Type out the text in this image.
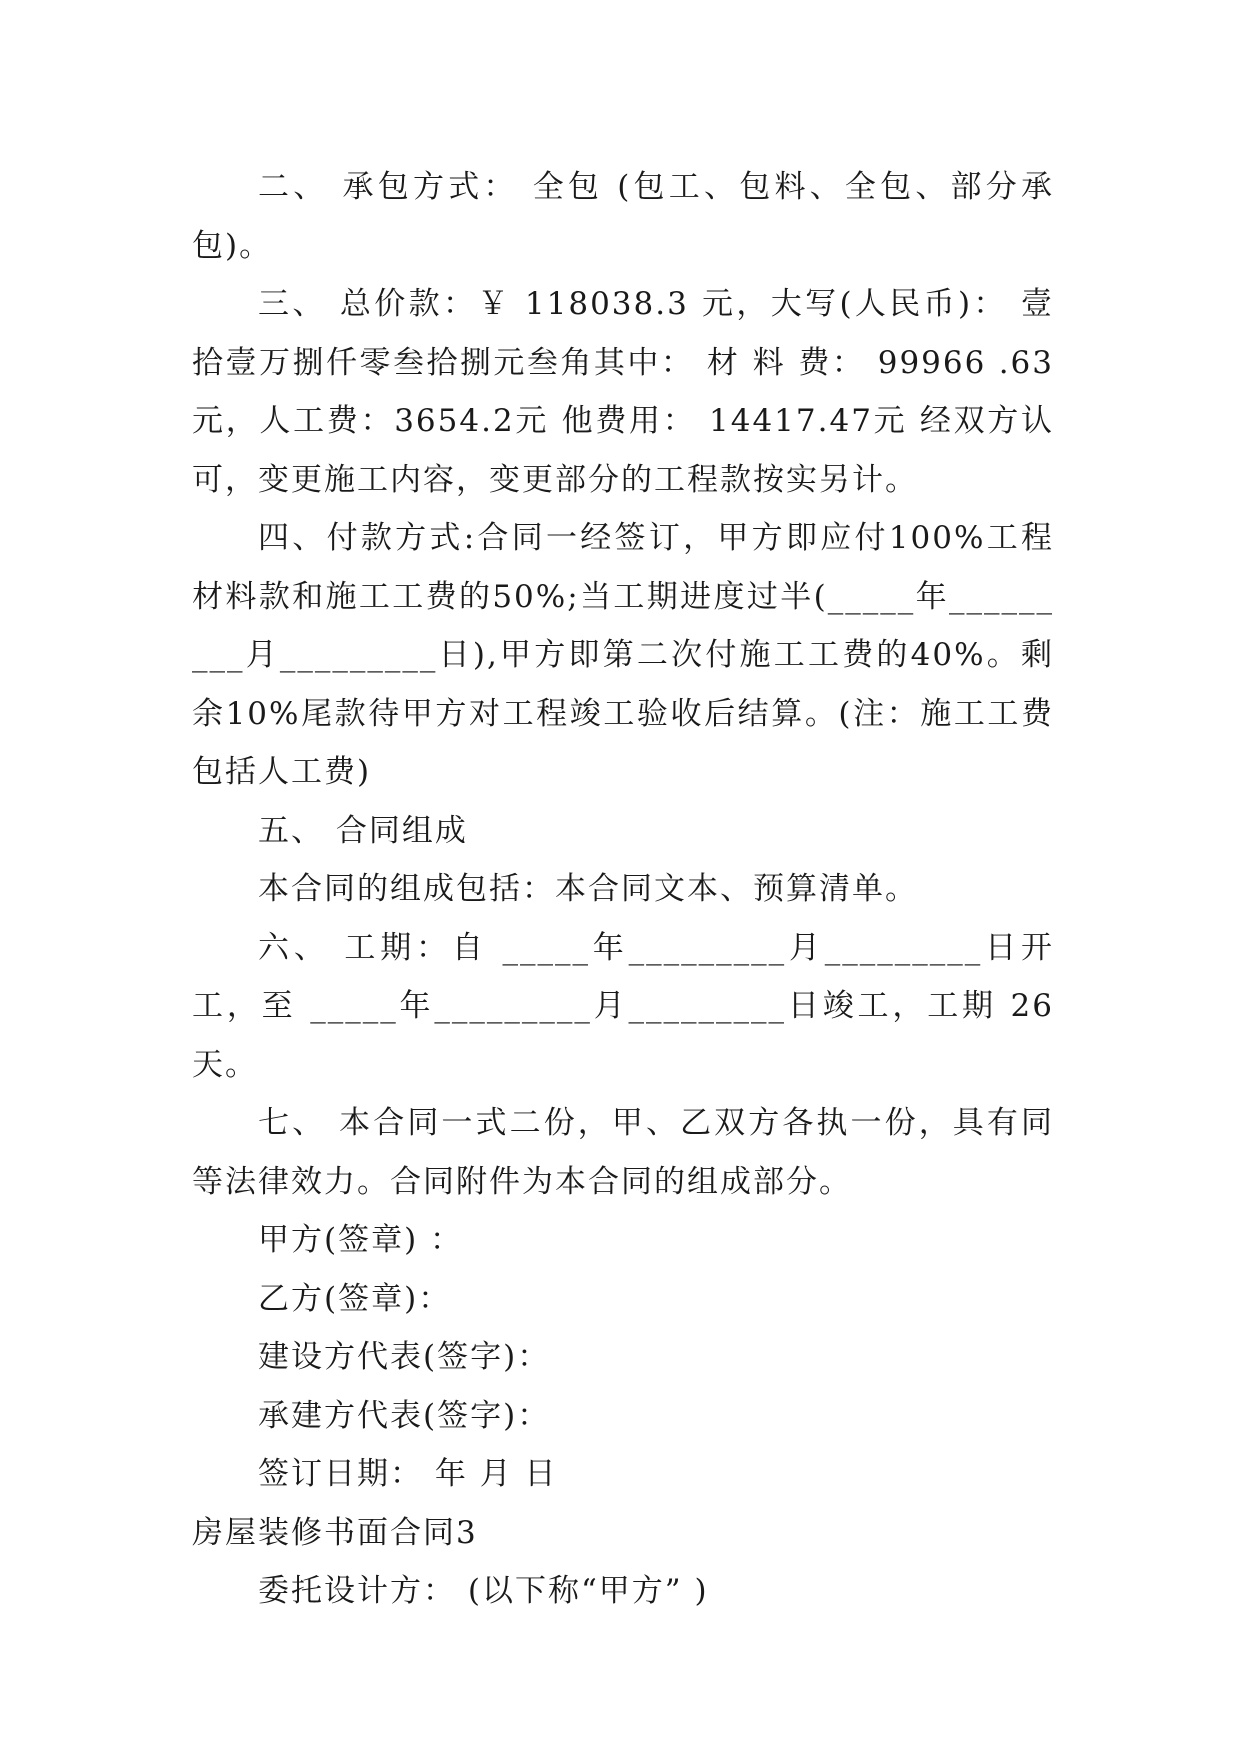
二、 承包方式： 全包 (包工、包料、全包、部分承包)。

三、 总价款：￥ 118038.3 元，大写(人民币)： 壹拾壹万捌仟零叁拾捌元叁角其中： 材 料 费： 99966 .63元，人工费：3654.2元 他费用： 14417.47元 经双方认可，变更施工内容，变更部分的工程款按实另计。

四、付款方式:合同一经签订，甲方即应付100%工程材料款和施工工费的50%;当工期进度过半(_____年_________月_________日),甲方即第二次付施工工费的40%。剩余10%尾款待甲方对工程竣工验收后结算。(注：施工工费包括人工费)

五、 合同组成

本合同的组成包括：本合同文本、预算清单。

六、 工期：自 _____年_________月_________日开工，至 _____年_________月_________日竣工，工期 26 天。

七、 本合同一式二份，甲、乙双方各执一份，具有同等法律效力。合同附件为本合同的组成部分。

甲方(签章) ：

乙方(签章)：

建设方代表(签字)：

承建方代表(签字)：

签订日期： 年 月 日

房屋装修书面合同3

委托设计方： (以下称“甲方” )
